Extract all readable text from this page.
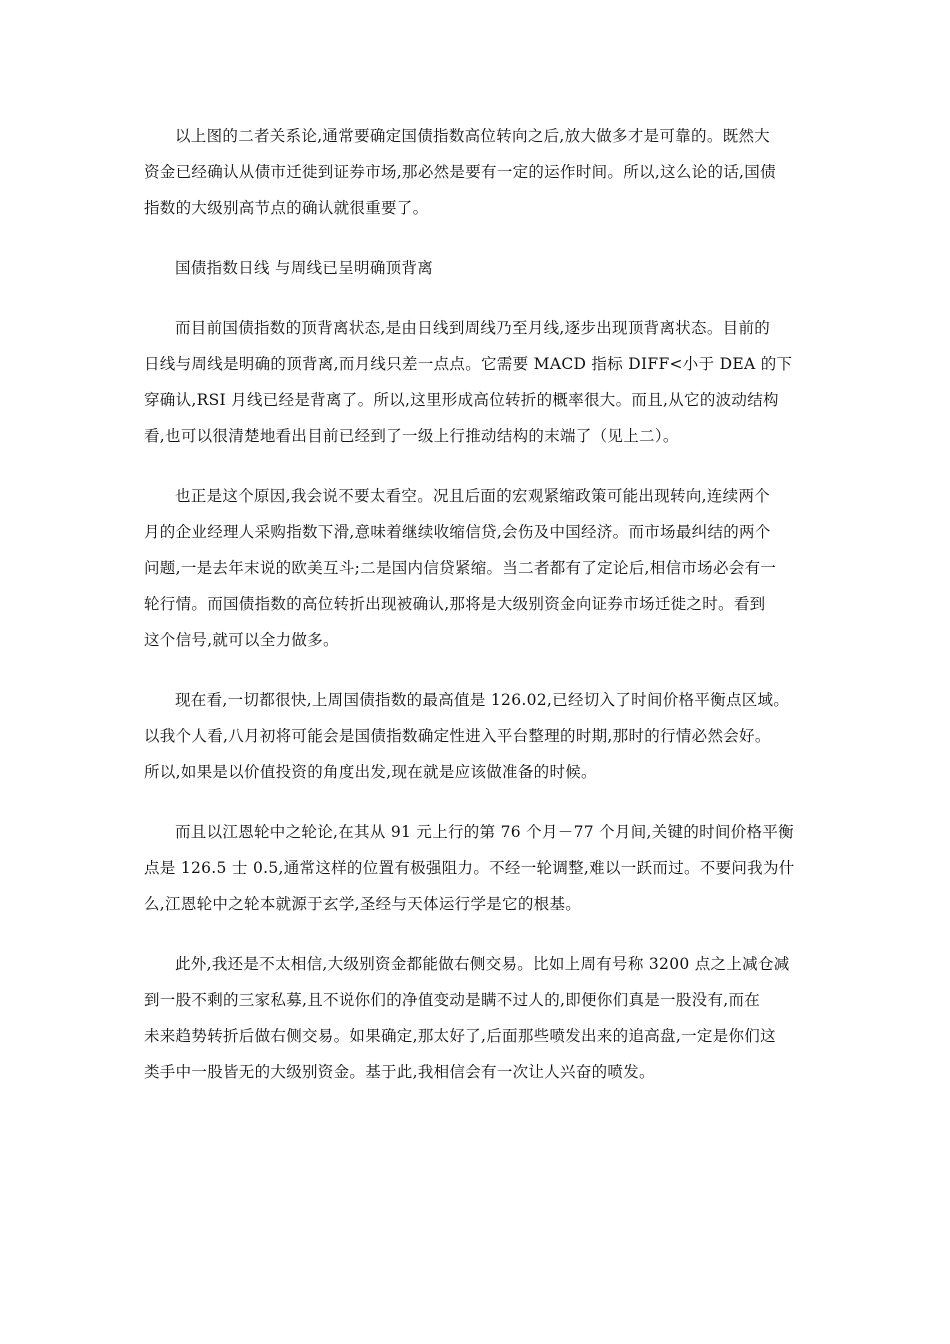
以上图的二者关系论,通常要确定国债指数高位转向之后,放大做多才是可靠的。既然大
资金已经确认从债市迁徙到证券市场,那必然是要有一定的运作时间。所以,这么论的话,国债
指数的大级别高节点的确认就很重要了。

国债指数日线 与周线已呈明确顶背离

而目前国债指数的顶背离状态,是由日线到周线乃至月线,逐步出现顶背离状态。目前的
日线与周线是明确的顶背离,而月线只差一点点。它需要 MACD 指标 DIFF<小于 DEA 的下
穿确认,RSI 月线已经是背离了。所以,这里形成高位转折的概率很大。而且,从它的波动结构
看,也可以很清楚地看出目前已经到了一级上行推动结构的末端了（见上二）。

也正是这个原因,我会说不要太看空。况且后面的宏观紧缩政策可能出现转向,连续两个
月的企业经理人采购指数下滑,意味着继续收缩信贷,会伤及中国经济。而市场最纠结的两个
问题,一是去年末说的欧美互斗;二是国内信贷紧缩。当二者都有了定论后,相信市场必会有一
轮行情。而国债指数的高位转折出现被确认,那将是大级别资金向证券市场迁徙之时。看到
这个信号,就可以全力做多。

现在看,一切都很快,上周国债指数的最高值是 126.02,已经切入了时间价格平衡点区域。
以我个人看,八月初将可能会是国债指数确定性进入平台整理的时期,那时的行情必然会好。
所以,如果是以价值投资的角度出发,现在就是应该做准备的时候。

而且以江恩轮中之轮论,在其从 91 元上行的第 76 个月－77 个月间,关键的时间价格平衡
点是 126.5 士 0.5,通常这样的位置有极强阻力。不经一轮调整,难以一跃而过。不要问我为什
么,江恩轮中之轮本就源于玄学,圣经与天体运行学是它的根基。

此外,我还是不太相信,大级别资金都能做右侧交易。比如上周有号称 3200 点之上减仓减
到一股不剩的三家私募,且不说你们的净值变动是瞒不过人的,即便你们真是一股没有,而在
未来趋势转折后做右侧交易。如果确定,那太好了,后面那些喷发出来的追高盘,一定是你们这
类手中一股皆无的大级别资金。基于此,我相信会有一次让人兴奋的喷发。
